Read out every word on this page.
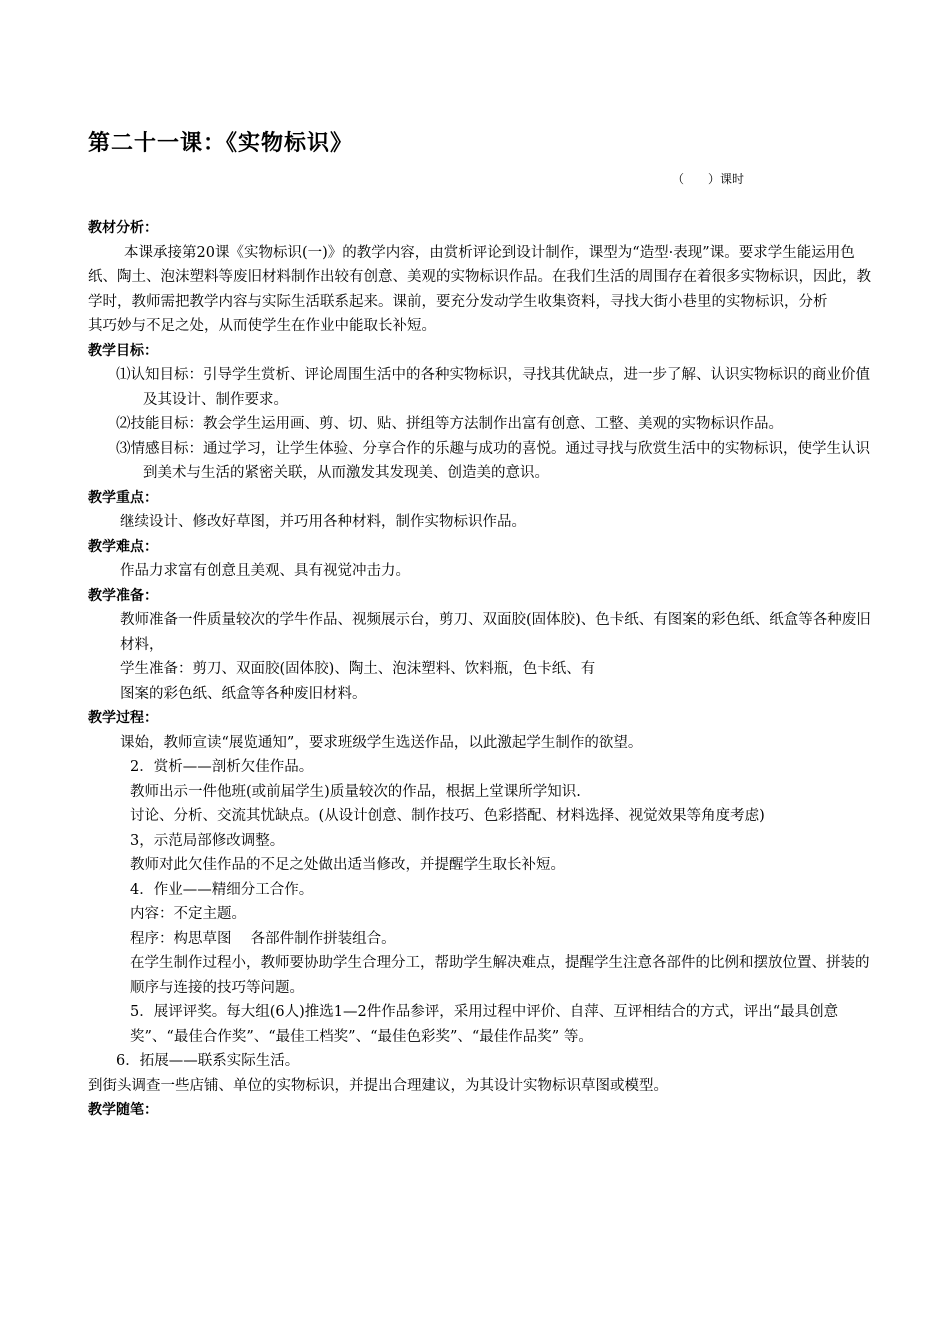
第二十一课：《实物标识》
（　　）课时
教材分析：

本课承接第20课《实物标识(一)》的教学内容，由赏析评论到设计制作，课型为“造型·表现”课。要求学生能运用色纸、陶土、泡沫塑料等废旧材料制作出较有创意、美观的实物标识作品。在我们生活的周围存在着很多实物标识，因此，教学时，教师需把教学内容与实际生活联系起来。课前，要充分发动学生收集资料，寻找大街小巷里的实物标识，分析

其巧妙与不足之处，从而使学生在作业中能取长补短。

教学目标：

⑴认知目标：引导学生赏析、评论周围生活中的各种实物标识，寻找其优缺点，进一步了解、认识实物标识的商业价值及其设计、制作要求。

⑵技能目标：教会学生运用画、剪、切、贴、拼组等方法制作出富有创意、工整、美观的实物标识作品。

⑶情感目标：通过学习，让学生体验、分享合作的乐趣与成功的喜悦。通过寻找与欣赏生活中的实物标识，使学生认识到美术与生活的紧密关联，从而激发其发现美、创造美的意识。

教学重点：

继续设计、修改好草图，并巧用各种材料，制作实物标识作品。

教学难点：

作品力求富有创意且美观、具有视觉冲击力。

教学准备：

教师准备一件质量较次的学牛作品、视频展示台，剪刀、双面胶(固体胶)、色卡纸、有图案的彩色纸、纸盒等各种废旧材料，

学生准备：剪刀、双面胶(固体胶)、陶土、泡沫塑料、饮料瓶，色卡纸、有

图案的彩色纸、纸盒等各种废旧材料。

教学过程：

课始，教师宣读“展览通知”，要求班级学生选送作品，以此激起学生制作的欲望。

2．赏析——剖析欠佳作品。

教师出示一件他班(或前届学生)质量较次的作品，根据上堂课所学知识.

讨论、分析、交流其忧缺点。(从设计创意、制作技巧、色彩搭配、材料选择、视觉效果等角度考虑)

3，示范局部修改调整。

教师对此欠佳作品的不足之处做出适当修改，并提醒学生取长补短。

4．作业——精细分工合作。

内容：不定主题。

程序：构思草图　 各部件制作拼装组合。

在学生制作过程小，教师要协助学生合理分工，帮助学生解决难点，提醒学生注意各部件的比例和摆放位置、拼装的顺序与连接的技巧等问题。

5．展评评奖。每大组(6人)推选1—2件作品参评，采用过程中评价、自萍、互评相结合的方式，评出“最具创意奖”、“最佳合作奖”、“最佳工档奖”、“最佳色彩奖”、“最佳作品奖” 等。

6．拓展——联系实际生活。

到街头调查一些店铺、单位的实物标识，并提出合理建议，为其设计实物标识草图或模型。

教学随笔：
